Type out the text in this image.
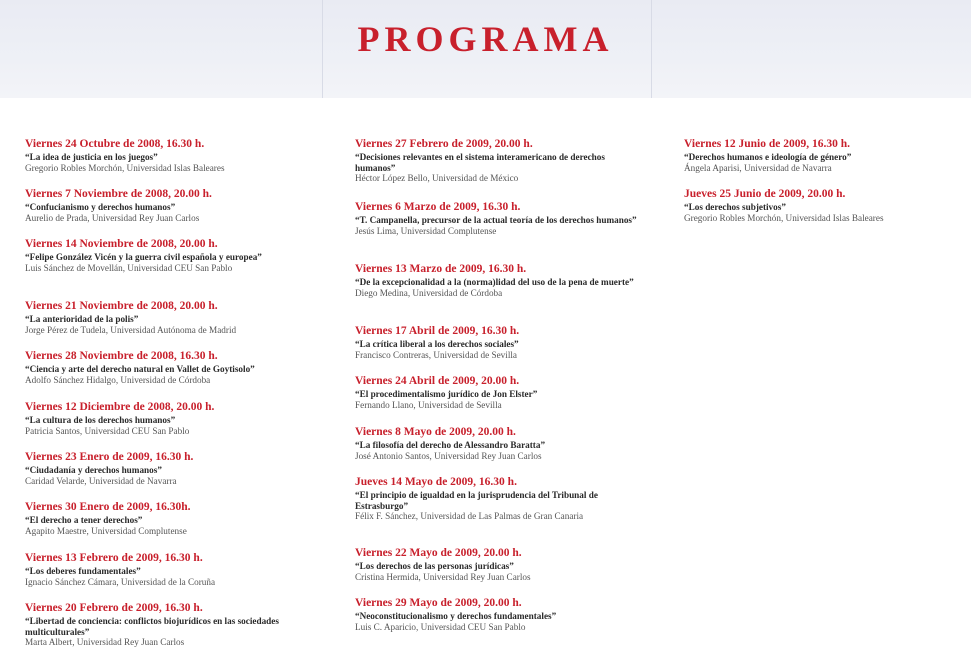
PROGRAMA
Viernes 24 Octubre de 2008, 16.30 h.
“La idea de justicia en los juegos”
Gregorio Robles Morchón, Universidad Islas Baleares
Viernes 7 Noviembre de 2008, 20.00 h.
“Confucianismo y derechos humanos”
Aurelio de Prada, Universidad Rey Juan Carlos
Viernes 14 Noviembre de 2008, 20.00 h.
“Felipe González Vicén y la guerra civil española y europea”
Luis Sánchez de Movellán, Universidad CEU San Pablo
Viernes 21 Noviembre de 2008, 20.00 h.
“La anterioridad de la polis”
Jorge Pérez de Tudela, Universidad Autónoma de Madrid
Viernes 28 Noviembre de 2008, 16.30 h.
“Ciencia y arte del derecho natural en Vallet de Goytisolo”
Adolfo Sánchez Hidalgo, Universidad de Córdoba
Viernes 12 Diciembre de 2008, 20.00 h.
“La cultura de los derechos humanos”
Patricia Santos, Universidad CEU San Pablo
Viernes 23 Enero de 2009, 16.30 h.
“Ciudadanía y derechos humanos”
Caridad Velarde, Universidad de Navarra
Viernes 30 Enero de 2009, 16.30h.
“El derecho a tener derechos”
Agapito Maestre, Universidad Complutense
Viernes 13 Febrero de 2009, 16.30 h.
“Los deberes fundamentales”
Ignacio Sánchez Cámara, Universidad de la Coruña
Viernes 20 Febrero de 2009, 16.30 h.
“Libertad de conciencia: conflictos biojurídicos en las sociedades multiculturales”
Marta Albert, Universidad Rey Juan Carlos
Viernes 27 Febrero de 2009, 20.00 h.
“Decisiones relevantes en el sistema interamericano de derechos humanos”
Héctor López Bello, Universidad de México
Viernes 6 Marzo de 2009, 16.30 h.
“T. Campanella, precursor de la actual teoría de los derechos humanos”
Jesús Lima, Universidad Complutense
Viernes 13 Marzo de 2009, 16.30 h.
“De la excepcionalidad a la (norma)lidad del uso de la pena de muerte”
Diego Medina, Universidad de Córdoba
Viernes 17 Abril de 2009, 16.30 h.
“La crítica liberal a los derechos sociales”
Francisco Contreras, Universidad de Sevilla
Viernes 24 Abril de 2009, 20.00 h.
“El procedimentalismo jurídico de Jon Elster”
Fernando Llano, Universidad de Sevilla
Viernes 8 Mayo de 2009, 20.00 h.
“La filosofía del derecho de Alessandro Baratta”
José Antonio Santos, Universidad Rey Juan Carlos
Jueves 14 Mayo de 2009, 16.30 h.
“El principio de igualdad en la jurisprudencia del Tribunal de Estrasburgo”
Félix F. Sánchez, Universidad de Las Palmas de Gran Canaria
Viernes 22 Mayo de 2009, 20.00 h.
“Los derechos de las personas jurídicas”
Cristina Hermida, Universidad Rey Juan Carlos
Viernes 29 Mayo de 2009, 20.00 h.
“Neoconstitucionalismo y derechos fundamentales”
Luis C. Aparicio, Universidad CEU San Pablo
Viernes 12 Junio de 2009, 16.30 h.
“Derechos humanos e ideología de género”
Ángela Aparisi, Universidad de Navarra
Jueves 25 Junio de 2009, 20.00 h.
“Los derechos subjetivos”
Gregorio Robles Morchón, Universidad Islas Baleares
